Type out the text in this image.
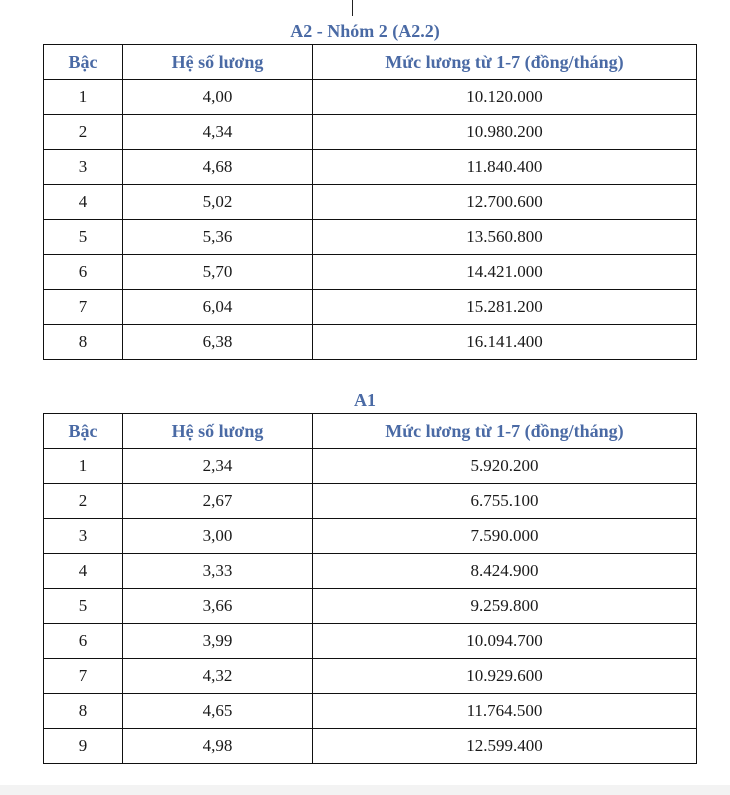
A2 - Nhóm 2 (A2.2)
Bậc	Hệ số lương	Mức lương từ 1-7 (đồng/tháng)
1	4,00	10.120.000
2	4,34	10.980.200
3	4,68	11.840.400
4	5,02	12.700.600
5	5,36	13.560.800
6	5,70	14.421.000
7	6,04	15.281.200
8	6,38	16.141.400
A1
Bậc	Hệ số lương	Mức lương từ 1-7 (đồng/tháng)
1	2,34	5.920.200
2	2,67	6.755.100
3	3,00	7.590.000
4	3,33	8.424.900
5	3,66	9.259.800
6	3,99	10.094.700
7	4,32	10.929.600
8	4,65	11.764.500
9	4,98	12.599.400
